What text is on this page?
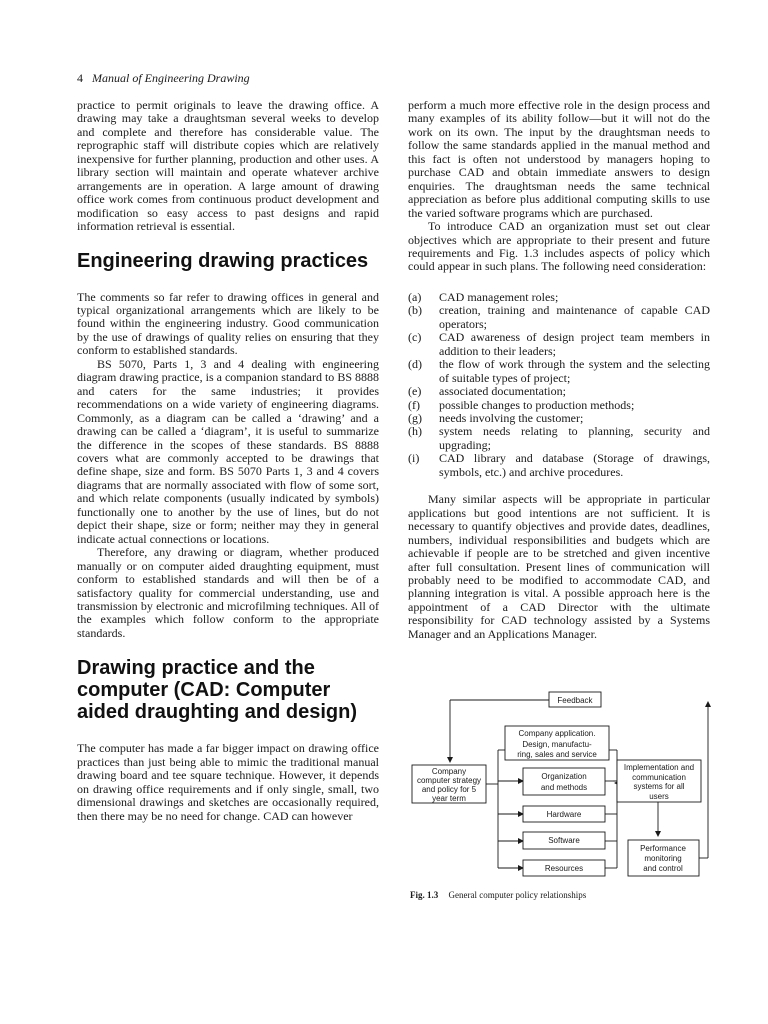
4 Manual of Engineering Drawing

practice to permit originals to leave the drawing office. A drawing may take a draughtsman several weeks to develop and complete and therefore has considerable value. The reprographic staff will distribute copies which are relatively inexpensive for further planning, production and other uses. A library section will maintain and operate whatever archive arrangements are in operation. A large amount of drawing office work comes from continuous product development and modification so easy access to past designs and rapid information retrieval is essential.

Engineering drawing practices

The comments so far refer to drawing offices in general and typical organizational arrangements which are likely to be found within the engineering industry. Good communication by the use of drawings of quality relies on ensuring that they conform to established standards.

BS 5070, Parts 1, 3 and 4 dealing with engineering diagram drawing practice, is a companion standard to BS 8888 and caters for the same industries; it provides recommendations on a wide variety of engineering diagrams. Commonly, as a diagram can be called a ‘drawing’ and a drawing can be called a ‘diagram’, it is useful to summarize the difference in the scopes of these standards. BS 8888 covers what are commonly accepted to be drawings that define shape, size and form. BS 5070 Parts 1, 3 and 4 covers diagrams that are normally associated with flow of some sort, and which relate components (usually indicated by symbols) functionally one to another by the use of lines, but do not depict their shape, size or form; neither may they in general indicate actual connections or locations.

Therefore, any drawing or diagram, whether produced manually or on computer aided draughting equipment, must conform to established standards and will then be of a satisfactory quality for commercial understanding, use and transmission by electronic and microfilming techniques. All of the examples which follow conform to the appropriate standards.

Drawing practice and the computer (CAD: Computer aided draughting and design)

The computer has made a far bigger impact on drawing office practices than just being able to mimic the traditional manual drawing board and tee square technique. However, it depends on drawing office requirements and if only single, small, two dimensional drawings and sketches are occasionally required, then there may be no need for change. CAD can however

perform a much more effective role in the design process and many examples of its ability follow—but it will not do the work on its own. The input by the draughtsman needs to follow the same standards applied in the manual method and this fact is often not understood by managers hoping to purchase CAD and obtain immediate answers to design enquiries. The draughtsman needs the same technical appreciation as before plus additional computing skills to use the varied software programs which are purchased.

To introduce CAD an organization must set out clear objectives which are appropriate to their present and future requirements and Fig. 1.3 includes aspects of policy which could appear in such plans. The following need consideration:

(a)	CAD management roles;
(b)	creation, training and maintenance of capable CAD operators;
(c)	CAD awareness of design project team members in addition to their leaders;
(d)	the flow of work through the system and the selecting of suitable types of project;
(e)	associated documentation;
(f)	possible changes to production methods;
(g)	needs involving the customer;
(h)	system needs relating to planning, security and upgrading;
(i)	CAD library and database (Storage of drawings, symbols, etc.) and archive procedures.

Many similar aspects will be appropriate in particular applications but good intentions are not sufficient. It is necessary to quantify objectives and provide dates, deadlines, numbers, individual responsibilities and budgets which are achievable if people are to be stretched and given incentive after full consultation. Present lines of communication will probably need to be modified to accommodate CAD, and planning integration is vital. A possible approach here is the appointment of a CAD Director with the ultimate responsibility for CAD technology assisted by a Systems Manager and an Applications Manager.

Feedback
Company application.
Design, manufactu-
ring, sales and service
Company
computer strategy
and policy for 5
year term
Organization
and methods
Hardware
Software
Resources
Implementation and
communication
systems for all
users
Performance
monitoring
and control
Fig. 1.3 General computer policy relationships
